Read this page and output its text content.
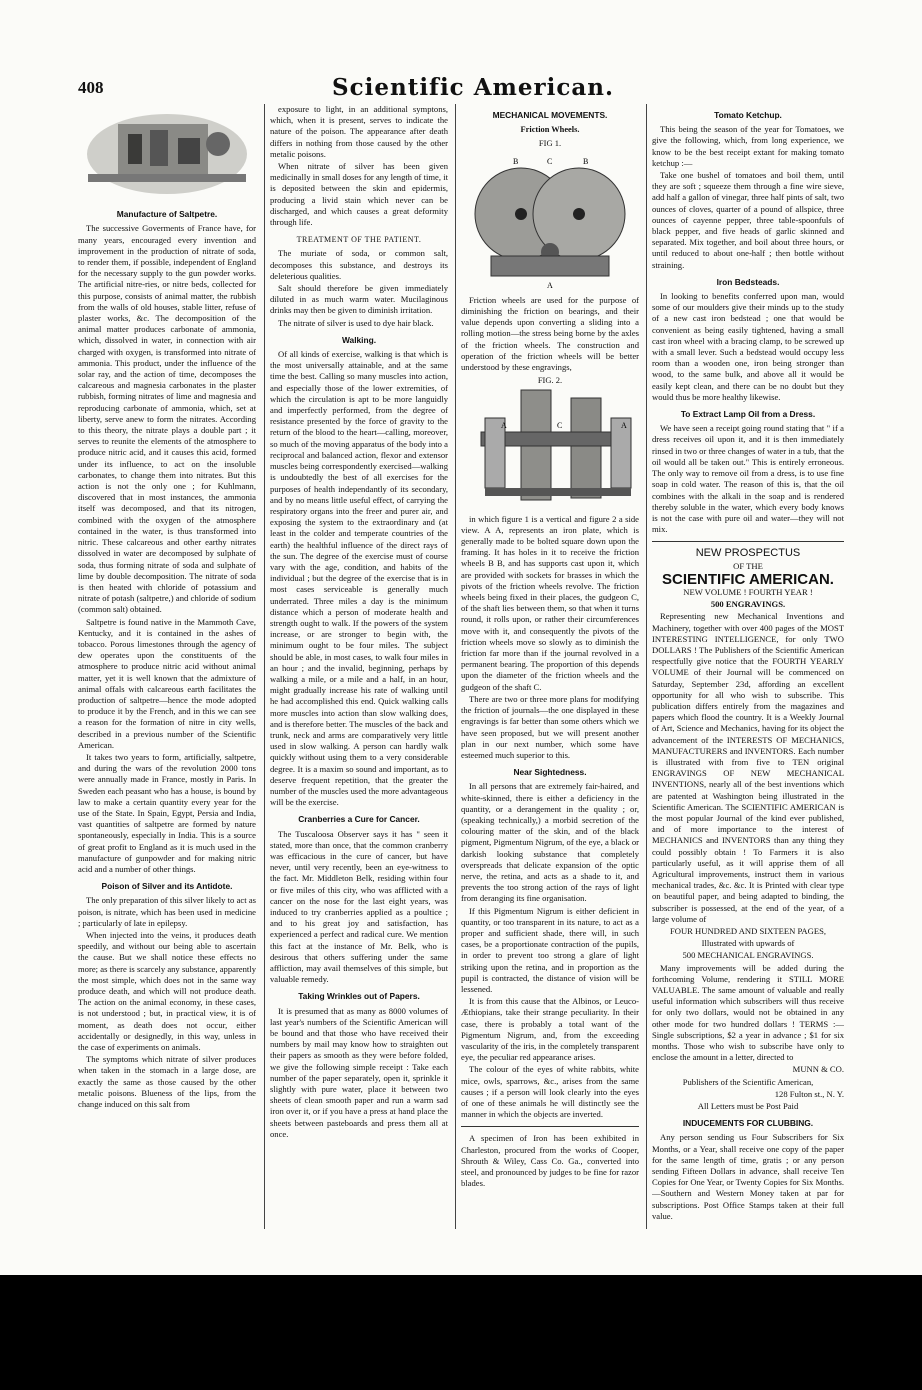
408	Scientific American.
Manufacture of Saltpetre.

The successive Goverments of France have, for many years, encouraged every invention and improvement in the production of nitrate of soda, to render them, if possible, independent of England for the necessary supply to the gun powder works. The artificial nitre-ries, or nitre beds, collected for this purpose, consists of animal matter, the rubbish from the walls of old houses, stable litter, refuse of plaster works, &c. The decomposition of the animal matter produces carbonate of ammonia, which, dissolved in water, in connection with air charged with oxygen, is transformed into nitrate of ammonia. This product, under the influence of the solar ray, and the action of time, decomposes the calcareous and magnesia carbonates in the plaster rubbish, forming nitrates of lime and magnesia and reproducing carbonate of ammonia, which, set at liberty, serve anew to form the nitrates. According to this theory, the nitrate plays a double part ; it serves to reunite the elements of the atmosphere to produce nitric acid, and it causes this acid, formed under its influence, to act on the insoluble carbonates, to change them into nitrates. But this action is not the only one ; for Kuhlmann, discovered that in most instances, the ammonia itself was decomposed, and that its nitrogen, combined with the oxygen of the atmosphere contained in the water, is thus transformed into nitric. These calcareous and other earthy nitrates dissolved in water are decomposed by sulphate of soda, thus forming nitrate of soda and sulphate of lime by double decomposition. The nitrate of soda is then heated with chloride of potassium and nitrate of potash (saltpetre,) and chloride of sodium (common salt) obtained.

Saltpetre is found native in the Mammoth Cave, Kentucky, and it is contained in the ashes of tobacco. Porous limestones through the agency of dew operates upon the constituents of the atmosphere to produce nitric acid without animal matter, yet it is well known that the admixture of animal offals with calcareous earth facilitates the production of saltpetre—hence the mode adopted to produce it by the French, and in this we can see a reason for the formation of nitre in city wells, described in a previous number of the Scientific American.

It takes two years to form, artificially, saltpetre, and during the wars of the revolution 2000 tons were annually made in France, mostly in Paris. In Sweden each peasant who has a house, is bound by law to make a certain quantity every year for the use of the State. In Spain, Egypt, Persia and India, vast quantities of saltpetre are formed by nature spontaneously, especially in India. This is a source of great profit to England as it is much used in the manufacture of gunpowder and for making nitric acid and a number of other things.

Poison of Silver and its Antidote.

The only preparation of this silver likely to act as poison, is nitrate, which has been used in medicine ; particularly of late in epilepsy.

When injected into the veins, it produces death speedily, and without our being able to ascertain the cause. But we shall notice these effects no more; as there is scarcely any substance, apparently the most simple, which does not in the same way produce death, and which will not produce death. The action on the animal economy, in these cases, is not understood ; but, in practical view, it is of moment, as death does not occur, either accidentally or designedly, in this way, unless in the case of experiments on animals.

The symptoms which nitrate of silver produces when taken in the stomach in a large dose, are exactly the same as those caused by the other metalic poisons. Blueness of the lips, from the change induced on this salt from

exposure to light, in an additional symptons, which, when it is present, serves to indicate the nature of the poison. The appearance after death differs in nothing from those caused by the other metalic poisons.

When nitrate of silver has been given medicinally in small doses for any length of time, it is deposited between the skin and epidermis, producing a livid stain which never can be discharged, and which causes a great deformity through life.

TREATMENT OF THE PATIENT.

The muriate of soda, or common salt, decomposes this substance, and destroys its deleterious qualities.

Salt should therefore be given immediately diluted in as much warm water. Mucilaginous drinks may then be given to diminish irritation.

The nitrate of silver is used to dye hair black.

Walking.

Of all kinds of exercise, walking is that which is the most universally attainable, and at the same time the best. Calling so many muscles into action, and especially those of the lower extremities, of which the circulation is apt to be more languidly and imperfectly performed, from the degree of resistance presented by the force of gravity to the return of the blood to the heart—calling, moreover, so much of the moving apparatus of the body into a reciprocal and balanced action, flexor and extensor muscles being correspondently exercised—walking is undoubtedly the best of all exercises for the purposes of health independantly of its secondary, and by no means little useful effect, of carrying the respiratory organs into the freer and purer air, and exposing the system to the extraordinary and (at least in the colder and temperate countries of the earth) the healthful influence of the direct rays of the sun. The degree of the exercise must of course vary with the age, condition, and habits of the individual ; but the degree of the exercise that is in most cases serviceable is generally much underrated. Three miles a day is the minimum distance which a person of moderate health and strength ought to walk. If the powers of the system increase, or are stronger to begin with, the minimum ought to be four miles. The subject should be able, in most cases, to walk four miles in an hour ; and the invalid, beginning, perhaps by walking a mile, or a mile and a half, in an hour, might gradually increase his rate of walking until he had accomplished this end. Quick walking calls more muscles into action than slow walking does, and is therefore better. The muscles of the back and trunk, neck and arms are comparatively very little used in slow walking. A person can hardly walk quickly without using them to a very considerable degree. It is a maxim so sound and important, as to deserve frequent repetition, that the greater the number of the muscles used the more advantageous will be the exercise.

Cranberries a Cure for Cancer.

The Tuscaloosa Observer says it has " seen it stated, more than once, that the common cranberry was efficacious in the cure of cancer, but have never, until very recently, been an eye-witness to the fact. Mr. Middleton Belk, residing within four or five miles of this city, who was afflicted with a cancer on the nose for the last eight years, was induced to try cranberries applied as a poultice ; and to his great joy and satisfaction, has experienced a perfect and radical cure. We mention this fact at the instance of Mr. Belk, who is desirous that others suffering under the same affliction, may avail themselves of this simple, but valuable remedy.

Taking Wrinkles out of Papers.

It is presumed that as many as 8000 volumes of last year's numbers of the Scientific American will be bound and that those who have received their numbers by mail may know how to straighten out their papers as smooth as they were before folded, we give the following simple receipt : Take each number of the paper separately, open it, sprinkle it slightly with pure water, place it between two sheets of clean smooth paper and run a warm sad iron over it, or if you have a press at hand place the sheets between pasteboards and press them all at once.

MECHANICAL MOVEMENTS.
Friction Wheels.
FIG 1.
B	C	B
A

Friction wheels are used for the purpose of diminishing the friction on bearings, and their value depends upon converting a sliding into a rolling motion—the stress being borne by the axles of the friction wheels. The construction and operation of the friction wheels will be better understood by these engravings,

FIG. 2.
A	C	A

in which figure 1 is a vertical and figure 2 a side view. A A, represents an iron plate, which is generally made to be bolted square down upon the framing. It has holes in it to receive the friction wheels B B, and has supports cast upon it, which are provided with sockets for brasses in which the pivots of the friction wheels revolve. The friction wheels being fixed in their places, the gudgeon C, of the shaft lies between them, so that when it turns round, it rolls upon, or rather their circumferences move with it, and consequently the pivots of the friction wheels move so slowly as to diminish the friction far more than if the journal revolved in a permanent bearing. The proportion of this depends upon the diameter of the friction wheels and the gudgeon of the shaft C.

There are two or three more plans for modifying the friction of journals—the one displayed in these engravings is far better than some others which we have seen proposed, but we will present another plan in our next number, which some have esteemed much superior to this.

Near Sightedness.

In all persons that are extremely fair-haired, and white-skinned, there is either a deficiency in the quantity, or a derangement in the quality ; or, (speaking technically,) a morbid secretion of the colouring matter of the skin, and of the black pigment, Pigmentum Nigrum, of the eye, a black or darkish looking substance that completely overspreads that delicate expansion of the optic nerve, the retina, and acts as a shade to it, and prevents the too strong action of the rays of light from deranging its fine organisation.

If this Pigmentum Nigrum is either deficient in quantity, or too transparent in its nature, to act as a proper and sufficient shade, there will, in such cases, be a proportionate contraction of the pupils, in order to prevent too strong a glare of light striking upon the retina, and in proportion as the pupil is contracted, the distance of vision will be lessened.

It is from this cause that the Albinos, or Leuco-Æthiopians, take their strange peculiarity. In their case, there is probably a total want of the Pigmentum Nigrum, and, from the exceeding vascularity of the iris, in the completely transparent eye, the peculiar red appearance arises.

The colour of the eyes of white rabbits, white mice, owls, sparrows, &c., arises from the same causes ; if a person will look clearly into the eyes of one of these animals he will distinctly see the manner in which the objects are inverted.

A specimen of Iron has been exhibited in Charleston, procured from the works of Cooper, Shrouth & Wiley, Cass Co. Ga., converted into steel, and pronounced by judges to be fine for razor blades.

Tomato Ketchup.

This being the season of the year for Tomatoes, we give the following, which, from long experience, we know to be the best receipt extant for making tomato ketchup :—

Take one bushel of tomatoes and boil them, until they are soft ; squeeze them through a fine wire sieve, add half a gallon of vinegar, three half pints of salt, two ounces of cloves, quarter of a pound of allspice, three ounces of cayenne pepper, three table-spoonfuls of black pepper, and five heads of garlic skinned and separated. Mix together, and boil about three hours, or until reduced to about one-half ; then bottle without straining.

Iron Bedsteads.

In looking to benefits conferred upon man, would some of our moulders give their minds up to the study of a new cast iron bedstead ; one that would be convenient as being easily tightened, having a small cast iron wheel with a bracing clamp, to be screwed up with a small lever. Such a bedstead would occupy less room than a wooden one, iron being stronger than wood, to the same bulk, and above all it would be easily kept clean, and there can be no doubt but they would thus be more healthy likewise.

To Extract Lamp Oil from a Dress.

We have seen a receipt going round stating that " if a dress receives oil upon it, and it is then immediately rinsed in two or three changes of water in a tub, that the oil would all be taken out." This is entirely erroneous. The only way to remove oil from a dress, is to use fine soap in cold water. The reason of this is, that the oil combines with the alkali in the soap and is rendered thereby soluble in the water, which every body knows is not the case with pure oil and water—they will not mix.

NEW PROSPECTUS
OF THE
SCIENTIFIC AMERICAN.
NEW VOLUME ! FOURTH YEAR !
500 ENGRAVINGS.

Representing new Mechanical Inventions and Machinery, together with over 400 pages of the MOST INTERESTING INTELLIGENCE, for only TWO DOLLARS ! The Publishers of the Scientific American respectfully give notice that the FOURTH YEARLY VOLUME of their Journal will be commenced on Saturday, September 23d, affording an excellent opportunity for all who wish to subscribe. This publication differs entirely from the magazines and papers which flood the country. It is a Weekly Journal of Art, Science and Mechanics, having for its object the advancement of the INTERESTS OF MECHANICS, MANUFACTURERS and INVENTORS. Each number is illustrated with from five to TEN original ENGRAVINGS OF NEW MECHANICAL INVENTIONS, nearly all of the best inventions which are patented at Washington being illustrated in the Scientific American. The SCIENTIFIC AMERICAN is the most popular Journal of the kind ever published, and of more importance to the interest of MECHANICS and INVENTORS than any thing they could possibly obtain ! To Farmers it is also particularly useful, as it will apprise them of all Agricultural improvements, instruct them in various mechanical trades, &c. &c. It is Printed with clear type on beautiful paper, and being adapted to binding, the subscriber is possessed, at the end of the year, of a large volume of

FOUR HUNDRED AND SIXTEEN PAGES,
Illustrated with upwards of
500 MECHANICAL ENGRAVINGS.

Many improvements will be added during the forthcoming Volume, rendering it STILL MORE VALUABLE. The same amount of valuable and really useful information which subscribers will thus receive for only two dollars, would not be obtained in any other mode for two hundred dollars ! TERMS :—Single subscriptions, $2 a year in advance ; $1 for six months. Those who wish to subscribe have only to enclose the amount in a letter, directed to

MUNN & CO.
Publishers of the Scientific American,
128 Fulton st., N. Y.
All Letters must be Post Paid
INDUCEMENTS FOR CLUBBING.

Any person sending us Four Subscribers for Six Months, or a Year, shall receive one copy of the paper for the same length of time, gratis ; or any person sending Fifteen Dollars in advance, shall receive Ten Copies for One Year, or Twenty Copies for Six Months.—Southern and Western Money taken at par for subscriptions. Post Office Stamps taken at their full value.
